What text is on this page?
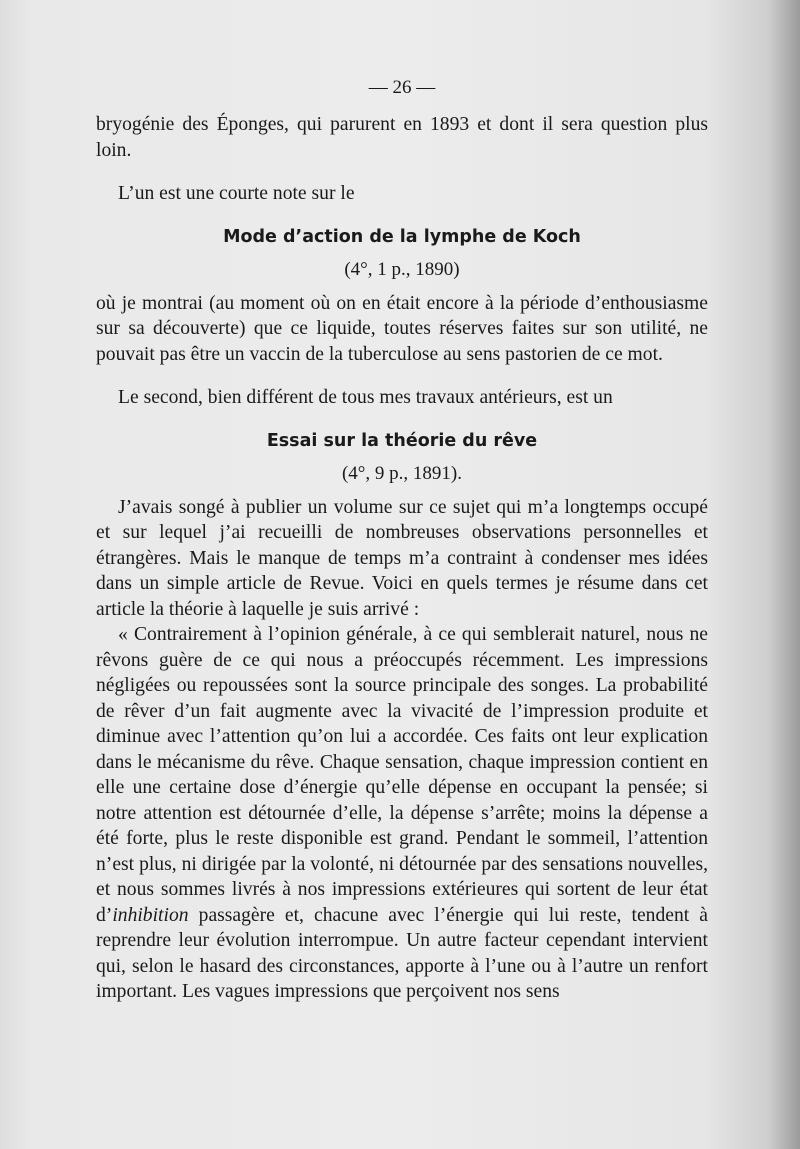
— 26 —

bryogénie des Éponges, qui parurent en 1893 et dont il sera question plus loin.

L’un est une courte note sur le

Mode d’action de la lymphe de Koch
(4°, 1 p., 1890)

où je montrai (au moment où on en était encore à la période d’enthousiasme sur sa découverte) que ce liquide, toutes réserves faites sur son utilité, ne pouvait pas être un vaccin de la tuberculose au sens pastorien de ce mot.

Le second, bien différent de tous mes travaux antérieurs, est un

Essai sur la théorie du rêve
(4°, 9 p., 1891).

J’avais songé à publier un volume sur ce sujet qui m’a longtemps occupé et sur lequel j’ai recueilli de nombreuses observations personnelles et étrangères. Mais le manque de temps m’a contraint à condenser mes idées dans un simple article de Revue. Voici en quels termes je résume dans cet article la théorie à laquelle je suis arrivé :

« Contrairement à l’opinion générale, à ce qui semblerait naturel, nous ne rêvons guère de ce qui nous a préoccupés récemment. Les impressions négligées ou repoussées sont la source principale des songes. La probabilité de rêver d’un fait augmente avec la vivacité de l’impression produite et diminue avec l’attention qu’on lui a accordée. Ces faits ont leur explication dans le mécanisme du rêve. Chaque sensation, chaque impression contient en elle une certaine dose d’énergie qu’elle dépense en occupant la pensée; si notre attention est détournée d’elle, la dépense s’arrête; moins la dépense a été forte, plus le reste disponible est grand. Pendant le sommeil, l’attention n’est plus, ni dirigée par la volonté, ni détournée par des sensations nouvelles, et nous sommes livrés à nos impressions extérieures qui sortent de leur état d’inhibition passagère et, chacune avec l’énergie qui lui reste, tendent à reprendre leur évolution interrompue. Un autre facteur cependant intervient qui, selon le hasard des circonstances, apporte à l’une ou à l’autre un renfort important. Les vagues impressions que perçoivent nos sens
